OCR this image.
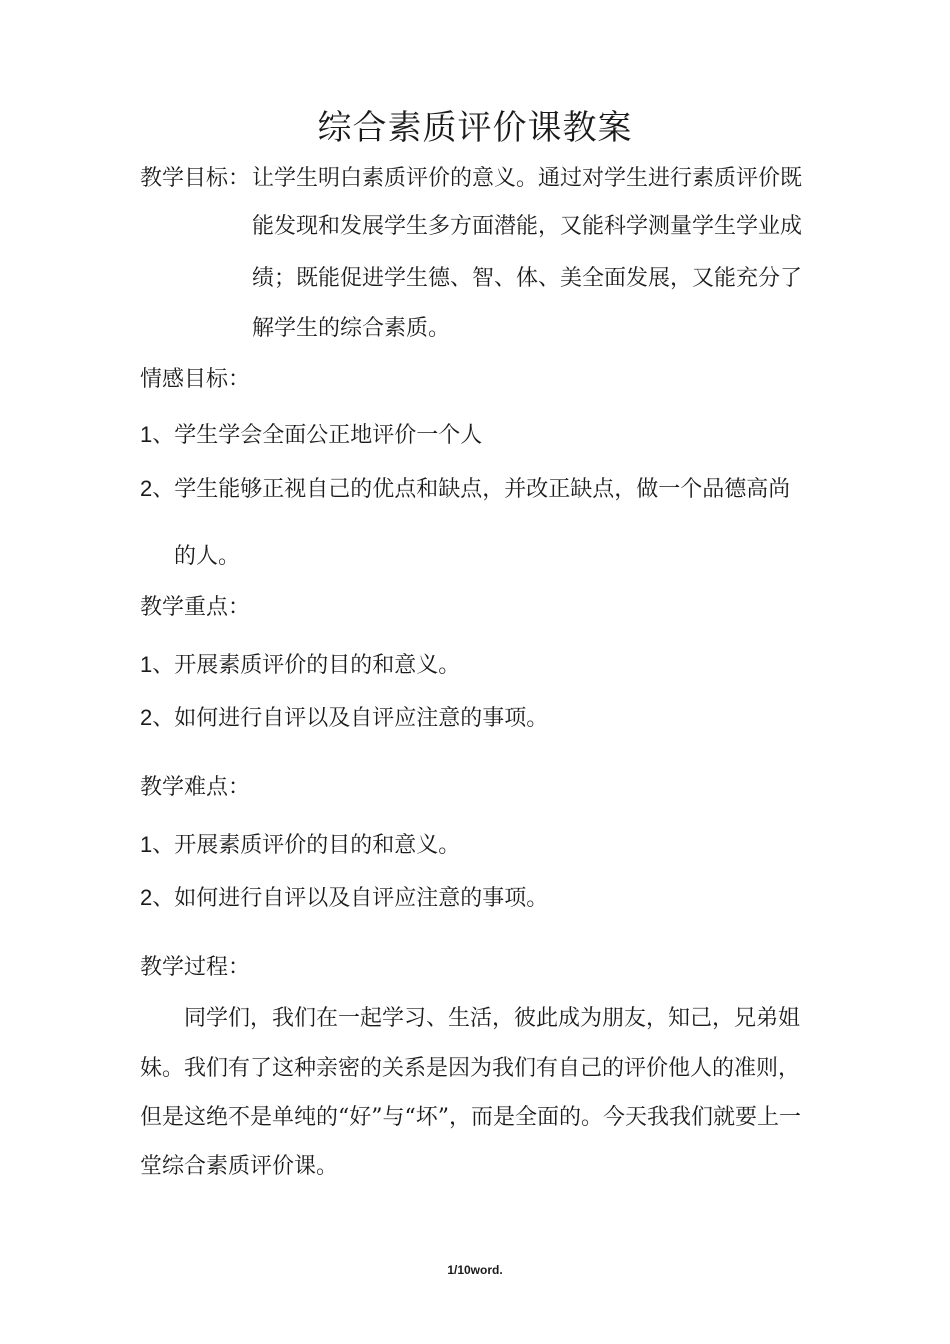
综合素质评价课教案
教学目标： 让学生明白素质评价的意义。通过对学生进行素质评价既
能发现和发展学生多方面潜能，又能科学测量学生学业成
绩；既能促进学生德、智、体、美全面发展，又能充分了
解学生的综合素质。
情感目标：
1、学生学会全面公正地评价一个人
2、学生能够正视自己的优点和缺点，并改正缺点，做一个品德高尚
的人。
教学重点：
1、开展素质评价的目的和意义。
2、如何进行自评以及自评应注意的事项。
教学难点：
1、开展素质评价的目的和意义。
2、如何进行自评以及自评应注意的事项。
教学过程：
同学们，我们在一起学习、生活，彼此成为朋友，知己，兄弟姐
妹。我们有了这种亲密的关系是因为我们有自己的评价他人的准则，
但是这绝不是单纯的“好”与“坏”，而是全面的。今天我我们就要上一
堂综合素质评价课。
1/10word.
